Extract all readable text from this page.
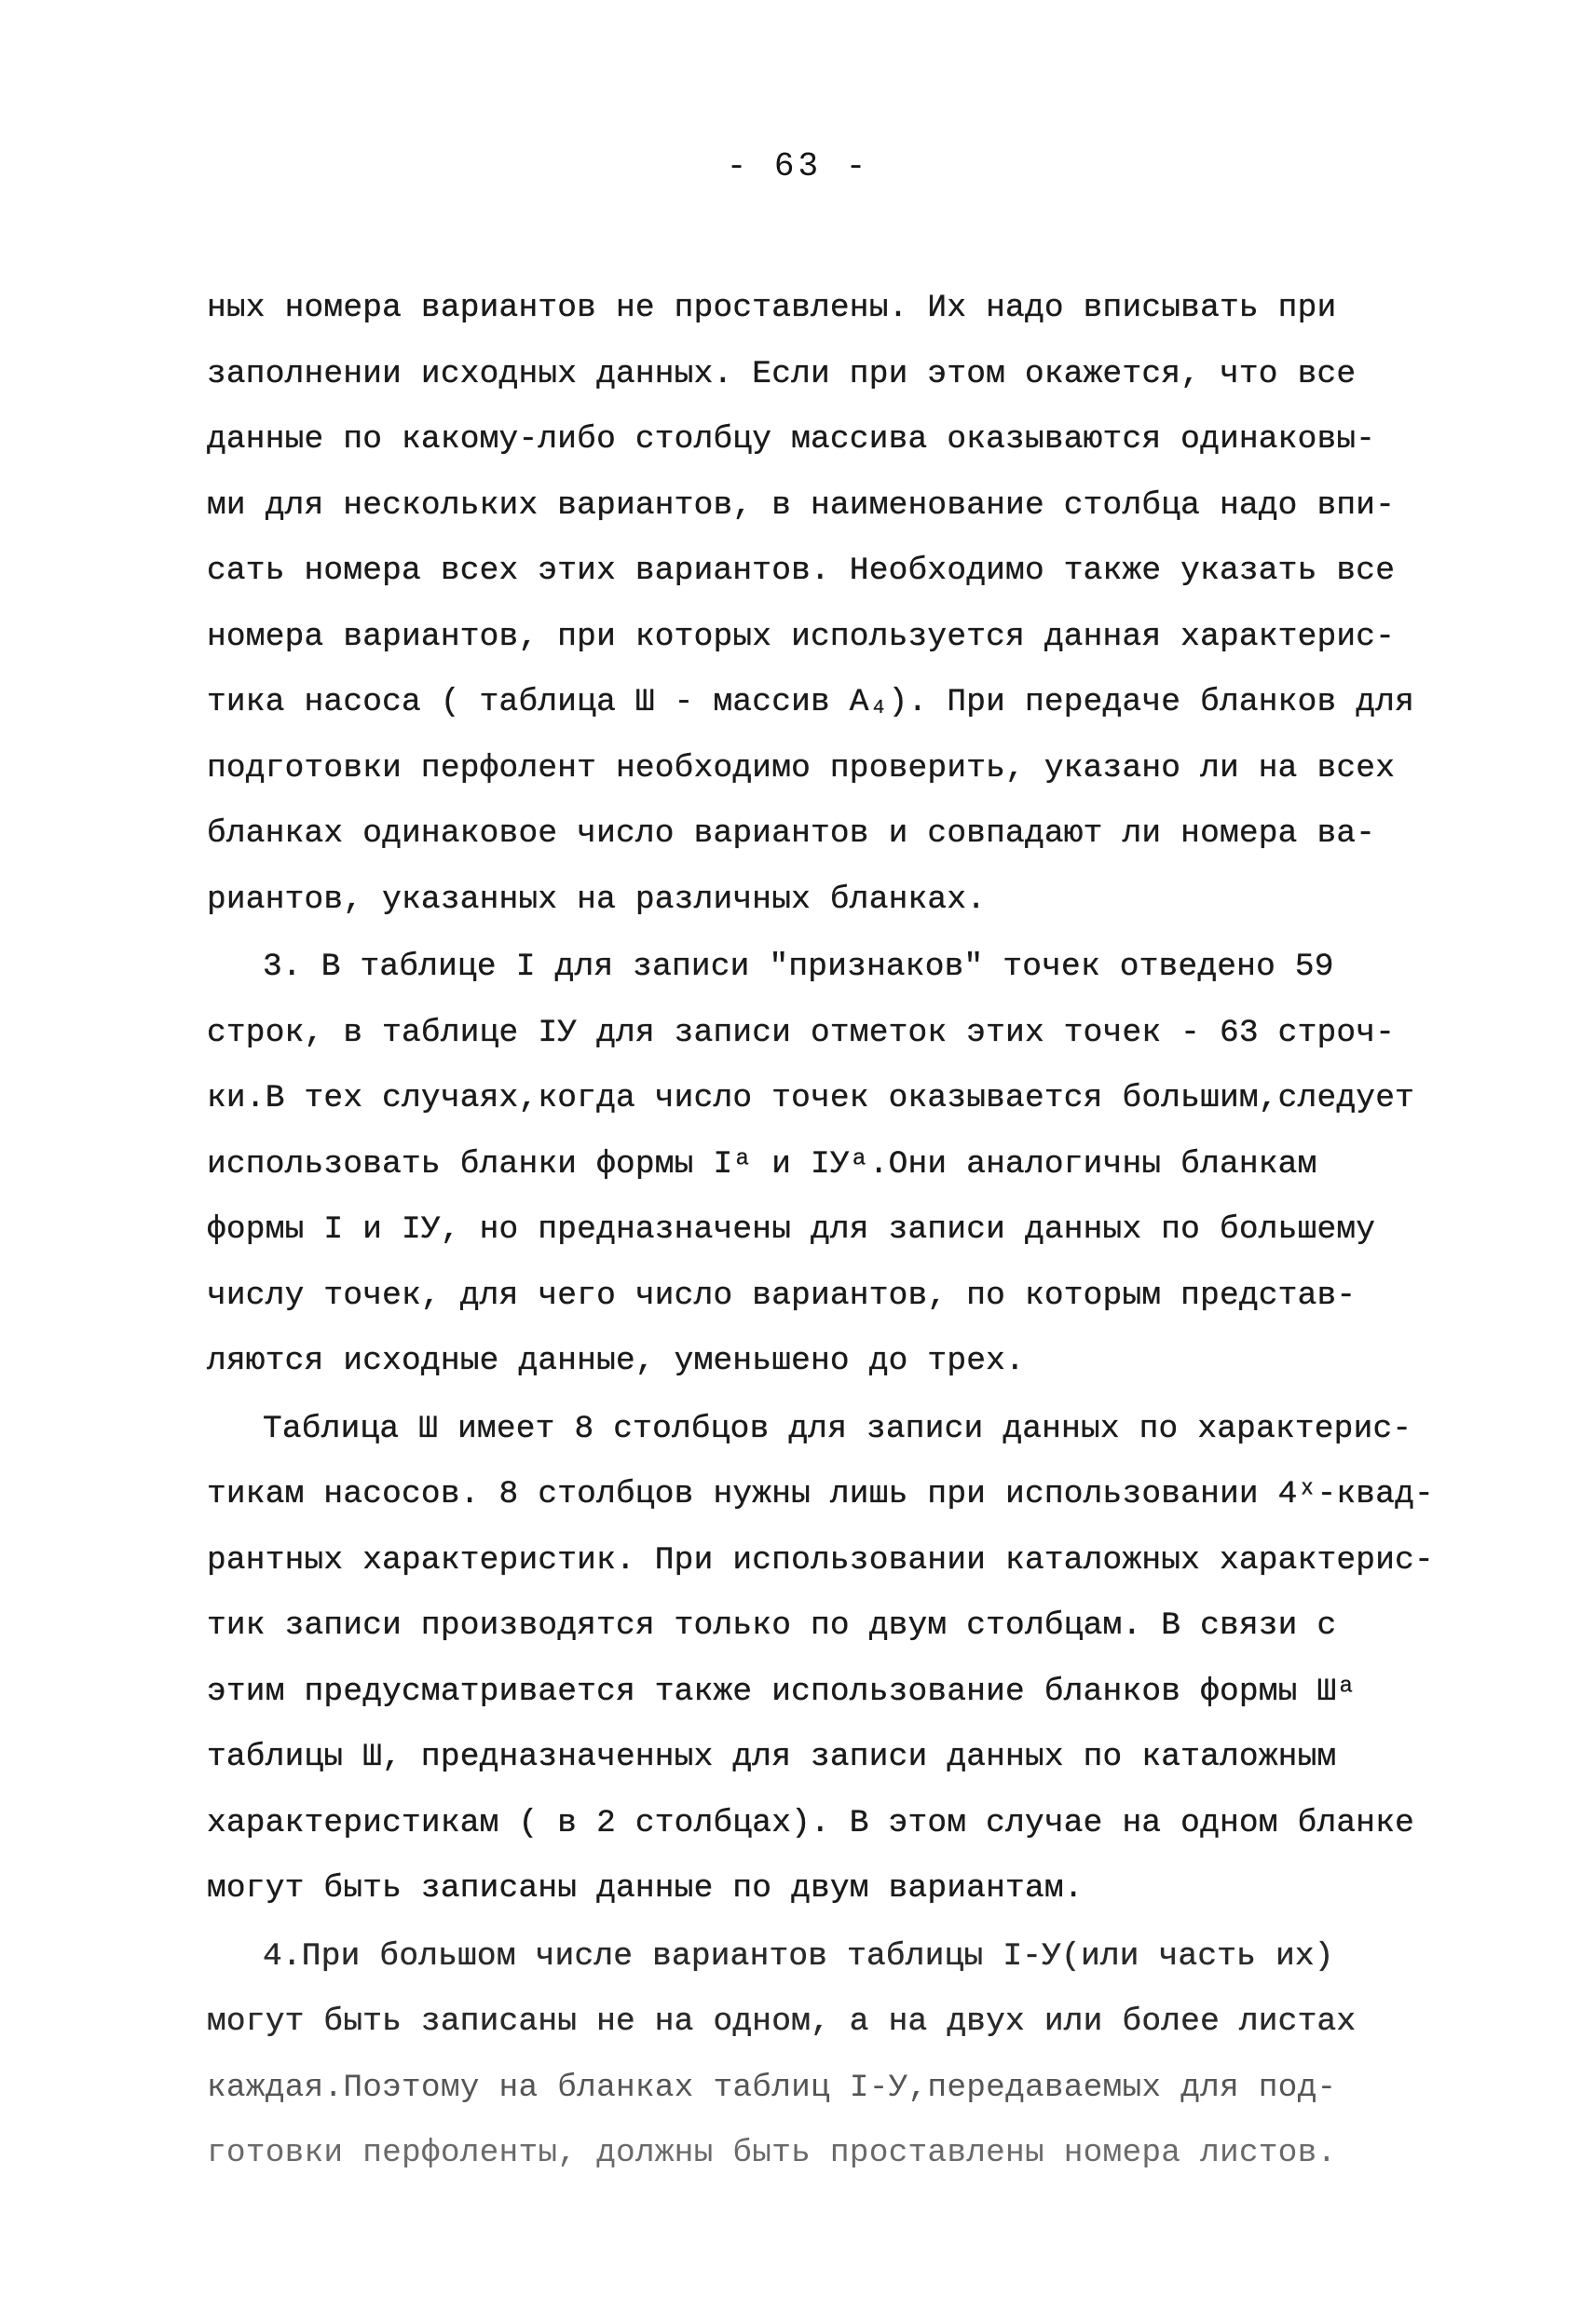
- 63 -

ных номера вариантов не проставлены. Их надо вписывать при
заполнении исходных данных. Если при этом окажется, что все
данные по какому-либо столбцу массива оказываются одинаковы-
ми для нескольких вариантов, в наименование столбца надо впи-
сать номера всех этих вариантов. Необходимо также указать все
номера вариантов, при которых используется данная характерис-
тика насоса ( таблица Ш - массив А₄). При передаче бланков для
подготовки перфолент необходимо проверить, указано ли на всех
бланках одинаковое число вариантов и совпадают ли номера ва-
риантов, указанных на различных бланках.

3. В таблице I для записи "признаков" точек отведено 59
строк, в таблице IУ для записи отметок этих точек - 63 строч-
ки.В тех случаях,когда число точек оказывается большим,следует
использовать бланки формы Iᵃ и IУᵃ.Они аналогичны бланкам
формы I и IУ, но предназначены для записи данных по большему
числу точек, для чего число вариантов, по которым представ-
ляются исходные данные, уменьшено до трех.

Таблица Ш имеет 8 столбцов для записи данных по характерис-
тикам насосов. 8 столбцов нужны лишь при использовании 4ˣ-квад-
рантных характеристик. При использовании каталожных характерис-
тик записи производятся только по двум столбцам. В связи с
этим предусматривается также использование бланков формы Шᵃ
таблицы Ш, предназначенных для записи данных по каталожным
характеристикам ( в 2 столбцах). В этом случае на одном бланке
могут быть записаны данные по двум вариантам.

4.При большом числе вариантов таблицы I-У(или часть их)
могут быть записаны не на одном, а на двух или более листах
каждая.Поэтому на бланках таблиц I-У,передаваемых для под-
готовки перфоленты, должны быть проставлены номера листов.
